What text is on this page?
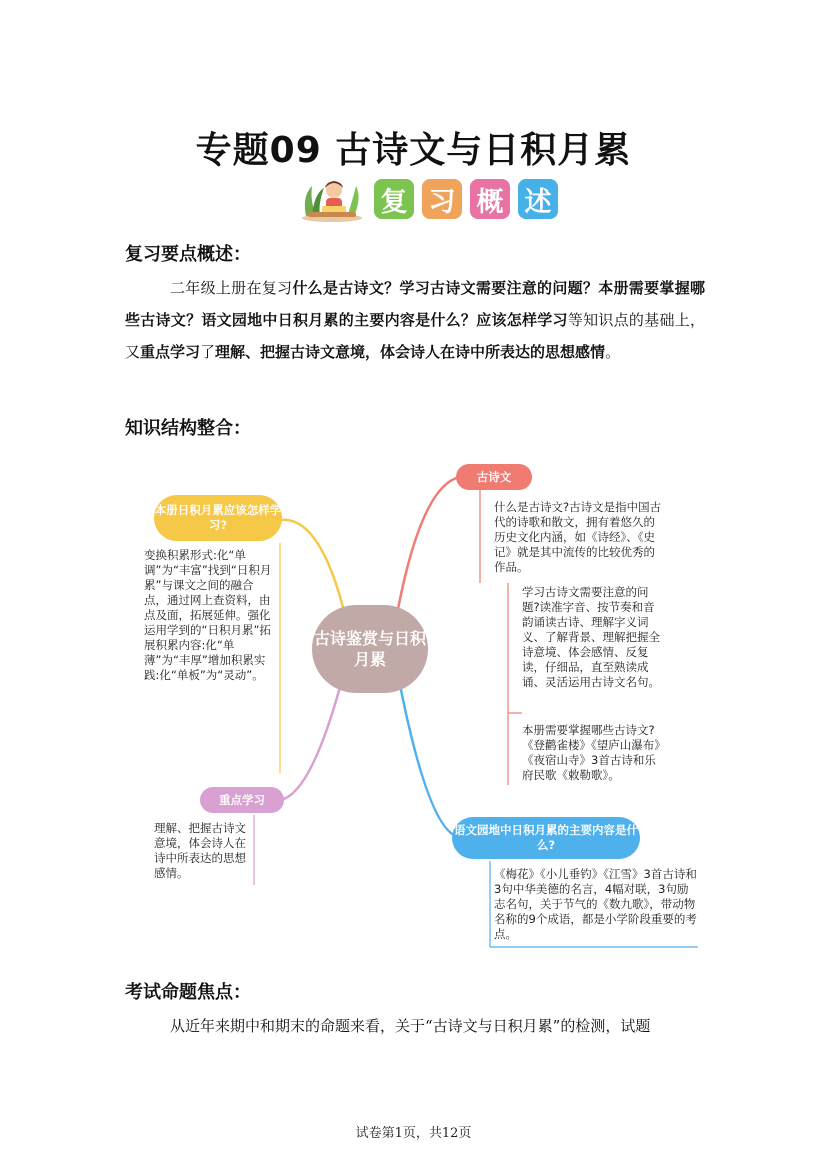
专题09 古诗文与日积月累
复 习 概 述
复习要点概述：
二年级上册在复习什么是古诗文？学习古诗文需要注意的问题？本册需要掌握哪些古诗文？语文园地中日积月累的主要内容是什么？应该怎样学习等知识点的基础上，又重点学习了理解、把握古诗文意境，体会诗人在诗中所表达的思想感情。
知识结构整合：
古诗鉴赏与日积月累
古诗文
什么是古诗文?古诗文是指中国古代的诗歌和散文，拥有着悠久的历史文化内涵，如《诗经》、《史记》就是其中流传的比较优秀的作品。
学习古诗文需要注意的问题?读准字音、按节奏和音韵诵读古诗、理解字义词义、了解背景、理解把握全诗意境、体会感情、反复读，仔细品，直至熟读成诵、灵活运用古诗文名句。
本册需要掌握哪些古诗文?《登鹳雀楼》《望庐山瀑布》《夜宿山寺》3首古诗和乐府民歌《敕勒歌》。
本册日积月累应该怎样学习?
变换积累形式:化“单调”为“丰富”找到“日积月累”与课文之间的融合点，通过网上查资料，由点及面，拓展延伸。强化运用学到的“日积月累”拓展积累内容:化“单薄”为“丰厚”增加积累实践:化“单板”为“灵动”。
重点学习
理解、把握古诗文意境，体会诗人在诗中所表达的思想感情。
语文园地中日积月累的主要内容是什么?
《梅花》《小儿垂钓》《江雪》3首古诗和3句中华美德的名言，4幅对联，3句励志名句，关于节气的《数九歌》，带动物名称的9个成语，都是小学阶段重要的考点。
考试命题焦点：
从近年来期中和期末的命题来看，关于“古诗文与日积月累”的检测，试题
试卷第1页，共12页
